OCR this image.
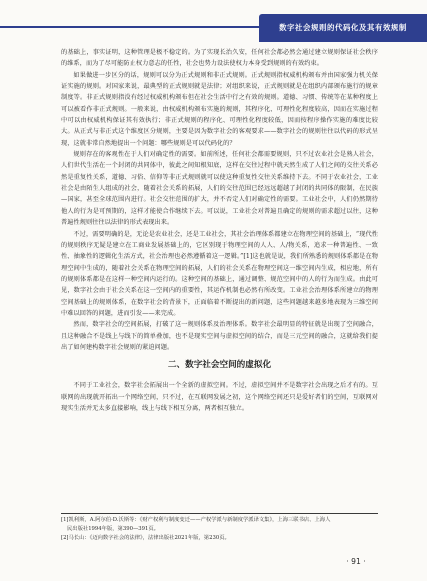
数字社会规则的代码化及其有效规制

的基础上，事实证明，这种管理是极不稳定的。为了实现长治久安，任何社会都必然会通过建立规则保证社会秩序的维系，而为了尽可能防止权力意志的任性，社会也势力设法使权力本身受到规则的有效约束。

如果做进一步区分的话，规则可以分为正式规则和非正式规则。正式规则指权威机构颁布并由国家强力机关保证实施的规则。对国家来说，最典型的正式规则就是法律；对组织来说，正式规则就是在组织内部颁布施行的规章制度等。非正式规则指没有经过权威机构颁布但在社会生活中行之有效的规则。道德、习惯、传统等在某种程度上可以被看作非正式规则。一般来说，由权威机构颁布实施的规则，其程序化、可理性化程度较高，因而在实施过程中可以由权威机构保证其有效执行；非正式规则的程序化、可理性化程度较低，因而按程序操作实施的难度比较大。从正式与非正式这个维度区分规则，主要是因为数字社会的客观要求——数字社会的规则往往以代码的形式呈现，这就非常自然地提出一个问题：哪些规则是可以代码化的？

规则存在的客观性在于人们对确定性的需要。如前所述，任何社会都需要规则，只不过农业社会是熟人社会，人们世代生活在一个封闭的共同体中，彼此之间知根知底，这样在交往过程中就天然生成了人们之间的交往关系必然是重复性关系，道德、习俗、信仰等非正式规则就可以使这种重复性交往关系维持下去。不同于农业社会，工业社会是由陌生人组成的社会，随着社会关系的拓展，人们的交往范围已经远远超越了封闭的共同体的限制，在民族—国家，甚至全球范围内进行。社会交往范围的扩大，并不否定人们对确定性的需要。工业社会中，人们仍然期待他人的行为是可预期的，这样才能使合作继续下去。可以说，工业社会对普遍且确定的规则的需求超过以往，这种普遍性规则往往以法律的形式表现出来。

不过，需要明确的是，无论是农业社会，还是工业社会，其社会治理体系都建立在物理空间的基础上，“现代性的规则秩序无疑是建立在工商业发展基础上的，它区别现于物理空间的人人、人/物关系，追求一种普遍性、一致性、抽象性的逻辑化生活方式，社会治理也必然遵循着这一逻辑。”[1]这也就是说，我们所熟悉的规则体系都是在物理空间中生成的，随着社会关系在物理空间的拓展，人们的社会关系在物理空间这一维空间内生成，相应地，所有的规则体系都是在这样一种空间内运行的。这种空间的基础上，通过调整、规范空间中的人的行为而生成。由此可见，数字社会由于社会关系在这一空间内的重要性，其运作机制也必然有所改变。工业社会治理体系所建立的物理空间基础上的规则体系，在数字社会的背景下，正面临着不断提出的新问题，这些问题越来越多地表现为三维空间中难以回答的问题，进而引发——来完成。

然而，数字社会的空间拓展，打破了这一规则体系及治理体系。数字社会最明显的特征就是出现了空间融合，且这种融合不是线上与线下的简单叠加，也不是现实空间与虚拟空间的结合，而是三元空间的融合，这就给我们提出了如何建构数字社会规则的紧迫问题。

二、数字社会空间的虚拟化

不同于工业社会，数字社会拓展出一个全新的虚拟空间。不过，虚拟空间并不是数字社会出现之后才有的。互联网的出现就开拓出一个网络空间，只不过，在互联网发展之初，这个网络空间还只是爱好者们的空间，互联网对现实生活并无太多直接影响，线上与线下相互分离，两者相互独立。

[1]凯利斯，A.阿尔伯·D.沃斯等：《财产权利与制度变迁——产权学派与新制度学派译文集》，上海三联书店、上海人

民出版社1994年版，第390—391页。

[2]马长山：《迈向数字社会的法律》，法律出版社2021年版，第230页。

· 91 ·
